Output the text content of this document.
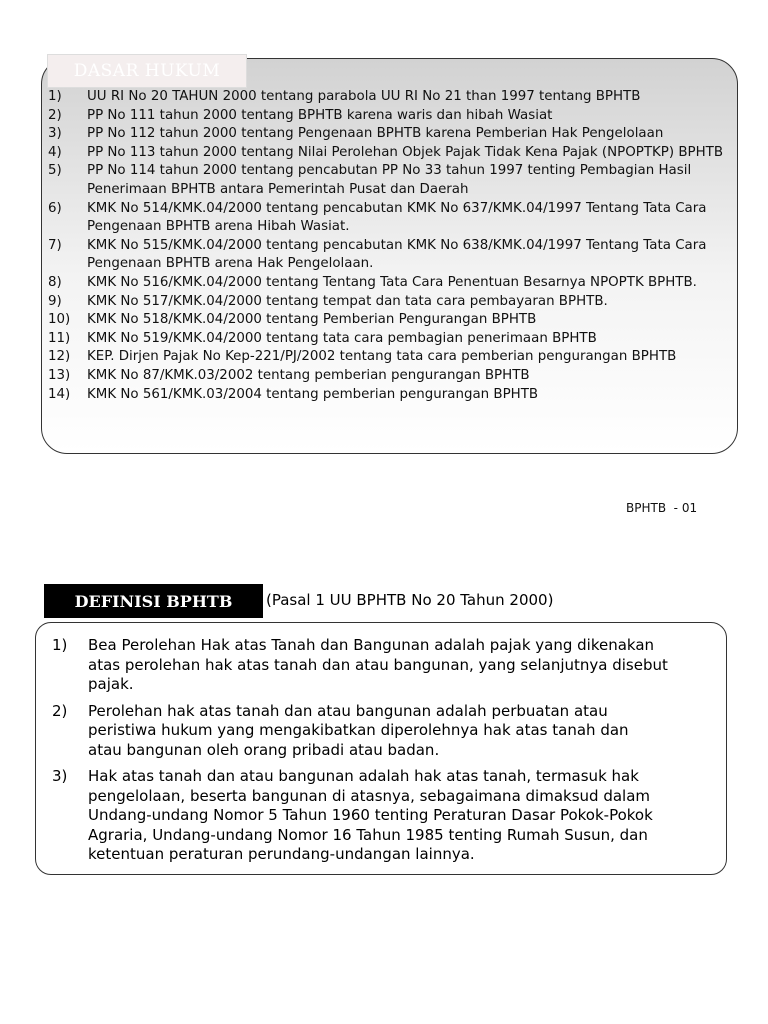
DASAR HUKUM
1)	UU RI No 20 TAHUN 2000 tentang parabola UU RI No 21 than 1997 tentang BPHTB
2)	PP No 111 tahun 2000 tentang BPHTB karena waris dan hibah Wasiat
3)	PP No 112 tahun 2000 tentang Pengenaan BPHTB karena Pemberian Hak Pengelolaan
4)	PP No 113 tahun 2000 tentang Nilai Perolehan Objek Pajak Tidak Kena Pajak (NPOPTKP) BPHTB
5)	PP No 114 tahun 2000 tentang pencabutan PP No 33 tahun 1997 tenting Pembagian Hasil Penerimaan BPHTB antara Pemerintah Pusat dan Daerah
6)	KMK No 514/KMK.04/2000 tentang pencabutan KMK No 637/KMK.04/1997 Tentang Tata Cara Pengenaan BPHTB arena Hibah Wasiat.
7)	KMK No 515/KMK.04/2000 tentang pencabutan KMK No 638/KMK.04/1997 Tentang Tata Cara Pengenaan BPHTB arena Hak Pengelolaan.
8)	KMK No 516/KMK.04/2000 tentang Tentang Tata Cara Penentuan Besarnya NPOPTK BPHTB.
9)	KMK No 517/KMK.04/2000 tentang tempat dan tata cara pembayaran BPHTB.
10)	KMK No 518/KMK.04/2000 tentang Pemberian Pengurangan BPHTB
11)	KMK No 519/KMK.04/2000 tentang tata cara pembagian penerimaan BPHTB
12)	KEP. Dirjen Pajak No Kep-221/PJ/2002 tentang tata cara pemberian pengurangan BPHTB
13)	KMK No 87/KMK.03/2002 tentang pemberian pengurangan BPHTB
14)	KMK No 561/KMK.03/2004 tentang pemberian pengurangan BPHTB
BPHTB  - 01
DEFINISI BPHTB	(Pasal 1 UU BPHTB No 20 Tahun 2000)
1)	Bea Perolehan Hak atas Tanah dan Bangunan adalah pajak yang dikenakan
atas perolehan hak atas tanah dan atau bangunan, yang selanjutnya disebut
pajak.
2)	Perolehan hak atas tanah dan atau bangunan adalah perbuatan atau
peristiwa hukum yang mengakibatkan diperolehnya hak atas tanah dan
atau bangunan oleh orang pribadi atau badan.
3)	Hak atas tanah dan atau bangunan adalah hak atas tanah, termasuk hak
pengelolaan, beserta bangunan di atasnya, sebagaimana dimaksud dalam
Undang-undang Nomor 5 Tahun 1960 tenting Peraturan Dasar Pokok-Pokok
Agraria, Undang-undang Nomor 16 Tahun 1985 tenting Rumah Susun, dan
ketentuan peraturan perundang-undangan lainnya.
